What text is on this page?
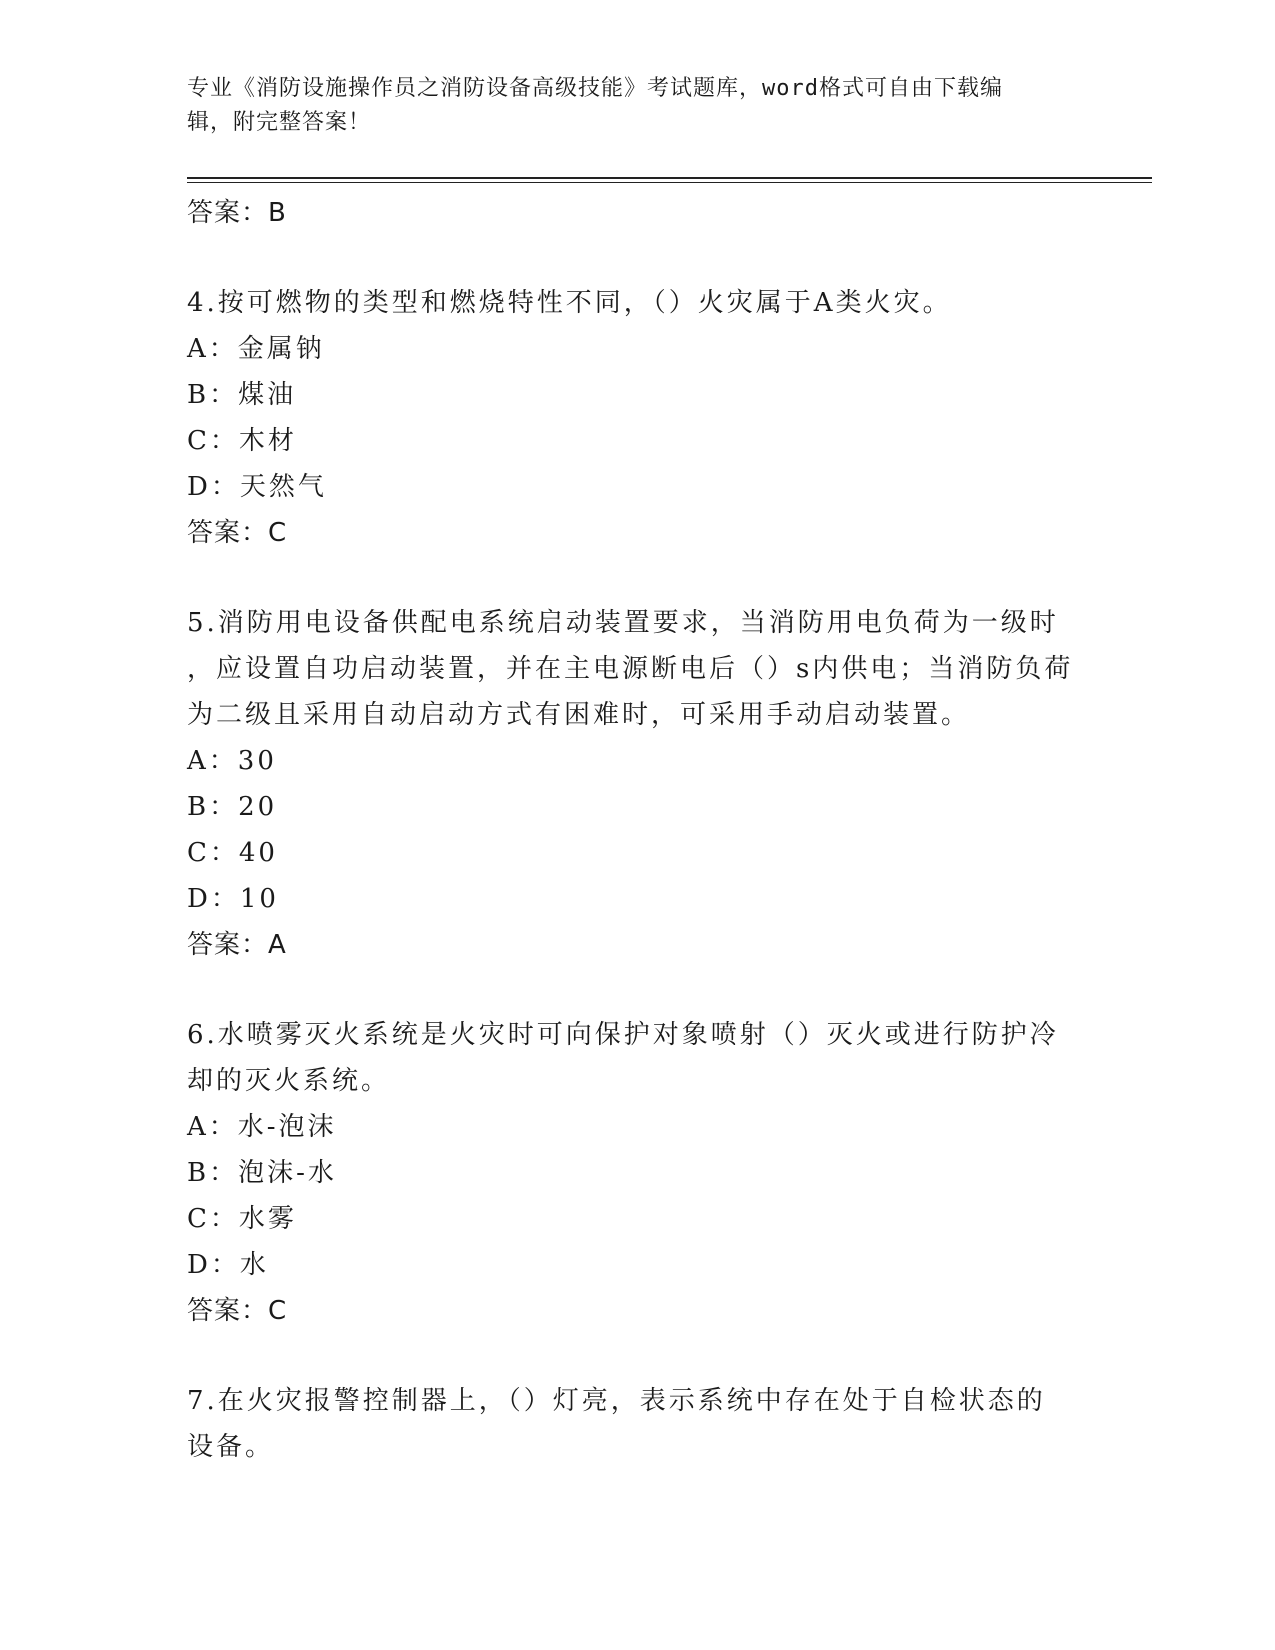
专业《消防设施操作员之消防设备高级技能》考试题库，word格式可自由下载编
辑，附完整答案！
答案：B
4.按可燃物的类型和燃烧特性不同，（）火灾属于A类火灾。
A：金属钠
B：煤油
C：木材
D：天然气
答案：C
5.消防用电设备供配电系统启动装置要求，当消防用电负荷为一级时
，应设置自功启动装置，并在主电源断电后（）s内供电；当消防负荷
为二级且采用自动启动方式有困难时，可采用手动启动装置。
A：30
B：20
C：40
D：10
答案：A
6.水喷雾灭火系统是火灾时可向保护对象喷射（）灭火或进行防护冷
却的灭火系统。
A：水-泡沫
B：泡沫-水
C：水雾
D：水
答案：C
7.在火灾报警控制器上，（）灯亮，表示系统中存在处于自检状态的
设备。
